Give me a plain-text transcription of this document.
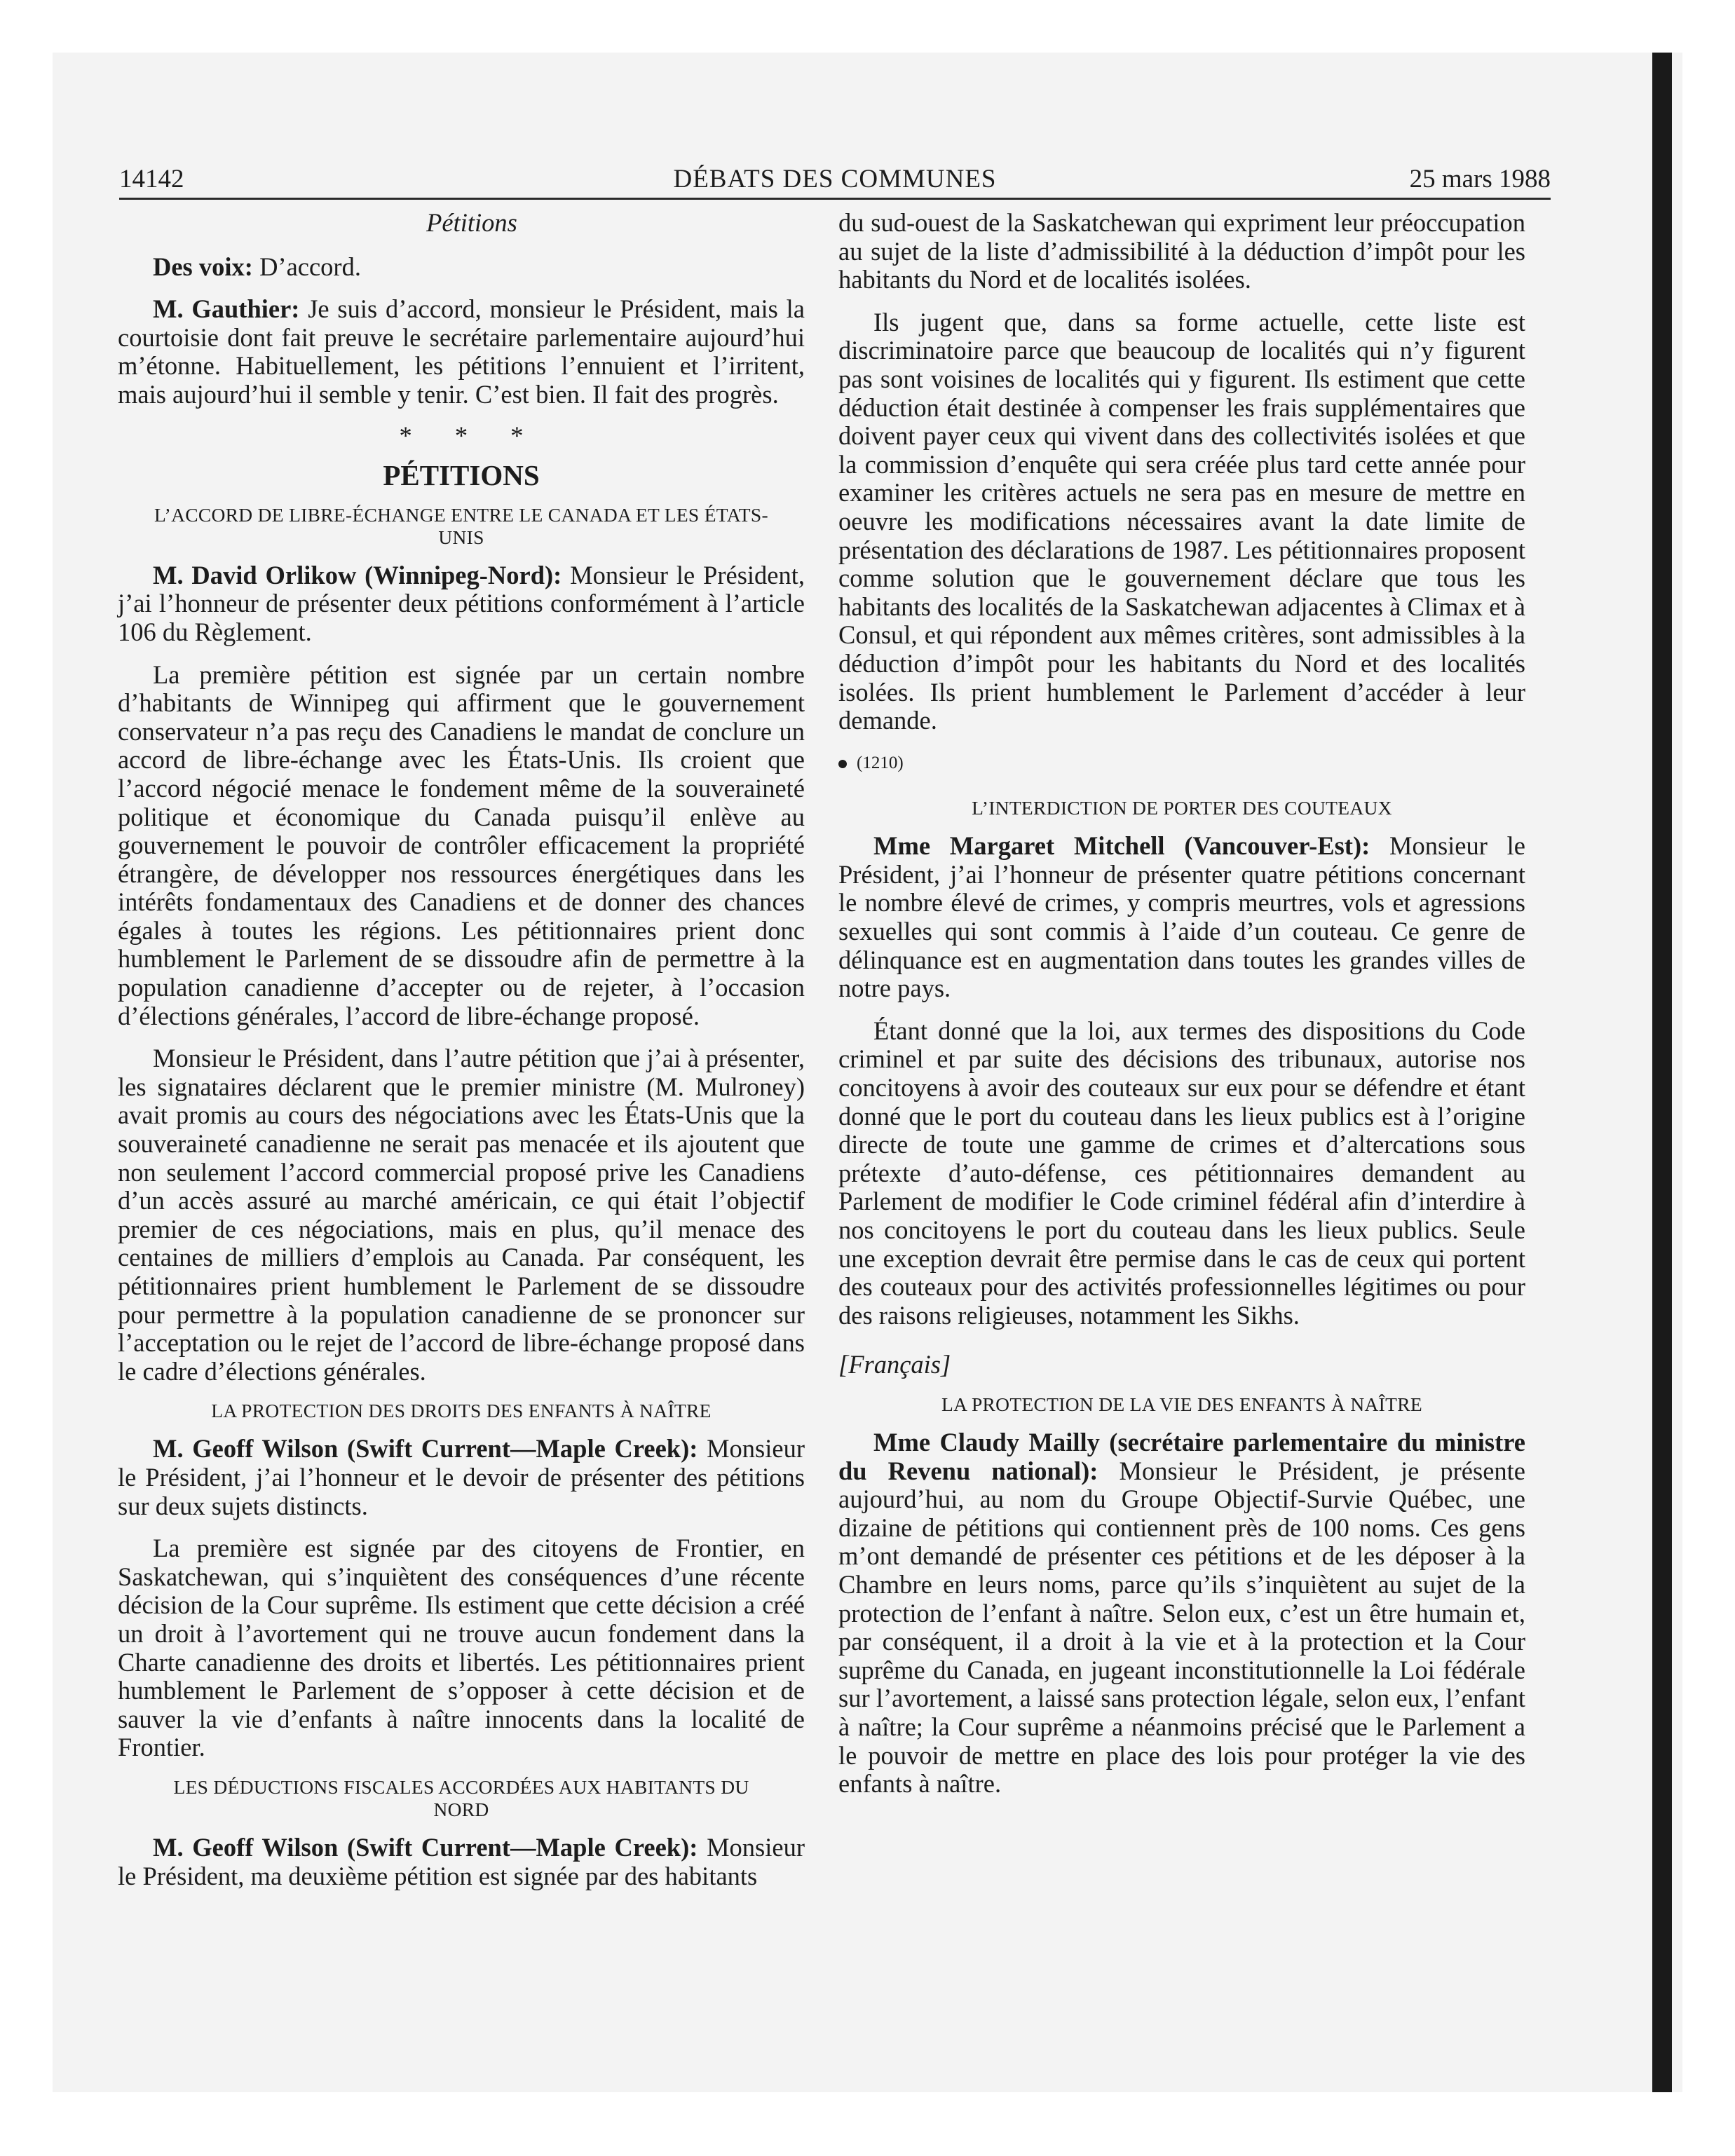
14142	DÉBATS DES COMMUNES	25 mars 1988
Pétitions

Des voix: D’accord.

M. Gauthier: Je suis d’accord, monsieur le Président, mais la courtoisie dont fait preuve le secrétaire parlementaire aujourd’hui m’étonne. Habituellement, les pétitions l’ennuient et l’irritent, mais aujourd’hui il semble y tenir. C’est bien. Il fait des progrès.

* * *
PÉTITIONS
L’ACCORD DE LIBRE-ÉCHANGE ENTRE LE CANADA ET LES ÉTATS-UNIS

M. David Orlikow (Winnipeg-Nord): Monsieur le Président, j’ai l’honneur de présenter deux pétitions conformément à l’article 106 du Règlement.

La première pétition est signée par un certain nombre d’habitants de Winnipeg qui affirment que le gouvernement conservateur n’a pas reçu des Canadiens le mandat de conclure un accord de libre-échange avec les États-Unis. Ils croient que l’accord négocié menace le fondement même de la souveraineté politique et économique du Canada puisqu’il enlève au gouvernement le pouvoir de contrôler efficacement la propriété étrangère, de développer nos ressources énergétiques dans les intérêts fondamentaux des Canadiens et de donner des chances égales à toutes les régions. Les pétitionnaires prient donc humblement le Parlement de se dissoudre afin de permettre à la population canadienne d’accepter ou de rejeter, à l’occasion d’élections générales, l’accord de libre-échange proposé.

Monsieur le Président, dans l’autre pétition que j’ai à présenter, les signataires déclarent que le premier ministre (M. Mulroney) avait promis au cours des négociations avec les États-Unis que la souveraineté canadienne ne serait pas menacée et ils ajoutent que non seulement l’accord commercial proposé prive les Canadiens d’un accès assuré au marché américain, ce qui était l’objectif premier de ces négociations, mais en plus, qu’il menace des centaines de milliers d’emplois au Canada. Par conséquent, les pétitionnaires prient humblement le Parlement de se dissoudre pour permettre à la population canadienne de se prononcer sur l’acceptation ou le rejet de l’accord de libre-échange proposé dans le cadre d’élections générales.

LA PROTECTION DES DROITS DES ENFANTS À NAÎTRE

M. Geoff Wilson (Swift Current—Maple Creek): Monsieur le Président, j’ai l’honneur et le devoir de présenter des pétitions sur deux sujets distincts.

La première est signée par des citoyens de Frontier, en Saskatchewan, qui s’inquiètent des conséquences d’une récente décision de la Cour suprême. Ils estiment que cette décision a créé un droit à l’avortement qui ne trouve aucun fondement dans la Charte canadienne des droits et libertés. Les pétitionnaires prient humblement le Parlement de s’opposer à cette décision et de sauver la vie d’enfants à naître innocents dans la localité de Frontier.

LES DÉDUCTIONS FISCALES ACCORDÉES AUX HABITANTS DU NORD

M. Geoff Wilson (Swift Current—Maple Creek): Monsieur le Président, ma deuxième pétition est signée par des habitants

du sud-ouest de la Saskatchewan qui expriment leur préoccupation au sujet de la liste d’admissibilité à la déduction d’impôt pour les habitants du Nord et de localités isolées.

Ils jugent que, dans sa forme actuelle, cette liste est discriminatoire parce que beaucoup de localités qui n’y figurent pas sont voisines de localités qui y figurent. Ils estiment que cette déduction était destinée à compenser les frais supplémentaires que doivent payer ceux qui vivent dans des collectivités isolées et que la commission d’enquête qui sera créée plus tard cette année pour examiner les critères actuels ne sera pas en mesure de mettre en oeuvre les modifications nécessaires avant la date limite de présentation des déclarations de 1987. Les pétitionnaires proposent comme solution que le gouvernement déclare que tous les habitants des localités de la Saskatchewan adjacentes à Climax et à Consul, et qui répondent aux mêmes critères, sont admissibles à la déduction d’impôt pour les habitants du Nord et des localités isolées. Ils prient humblement le Parlement d’accéder à leur demande.

(1210)
L’INTERDICTION DE PORTER DES COUTEAUX

Mme Margaret Mitchell (Vancouver-Est): Monsieur le Président, j’ai l’honneur de présenter quatre pétitions concernant le nombre élevé de crimes, y compris meurtres, vols et agressions sexuelles qui sont commis à l’aide d’un couteau. Ce genre de délinquance est en augmentation dans toutes les grandes villes de notre pays.

Étant donné que la loi, aux termes des dispositions du Code criminel et par suite des décisions des tribunaux, autorise nos concitoyens à avoir des couteaux sur eux pour se défendre et étant donné que le port du couteau dans les lieux publics est à l’origine directe de toute une gamme de crimes et d’altercations sous prétexte d’auto-défense, ces pétitionnaires demandent au Parlement de modifier le Code criminel fédéral afin d’interdire à nos concitoyens le port du couteau dans les lieux publics. Seule une exception devrait être permise dans le cas de ceux qui portent des couteaux pour des activités professionnelles légitimes ou pour des raisons religieuses, notamment les Sikhs.

[Français]
LA PROTECTION DE LA VIE DES ENFANTS À NAÎTRE

Mme Claudy Mailly (secrétaire parlementaire du ministre du Revenu national): Monsieur le Président, je présente aujourd’hui, au nom du Groupe Objectif-Survie Québec, une dizaine de pétitions qui contiennent près de 100 noms. Ces gens m’ont demandé de présenter ces pétitions et de les déposer à la Chambre en leurs noms, parce qu’ils s’inquiètent au sujet de la protection de l’enfant à naître. Selon eux, c’est un être humain et, par conséquent, il a droit à la vie et à la protection et la Cour suprême du Canada, en jugeant inconstitutionnelle la Loi fédérale sur l’avortement, a laissé sans protection légale, selon eux, l’enfant à naître; la Cour suprême a néanmoins précisé que le Parlement a le pouvoir de mettre en place des lois pour protéger la vie des enfants à naître.
